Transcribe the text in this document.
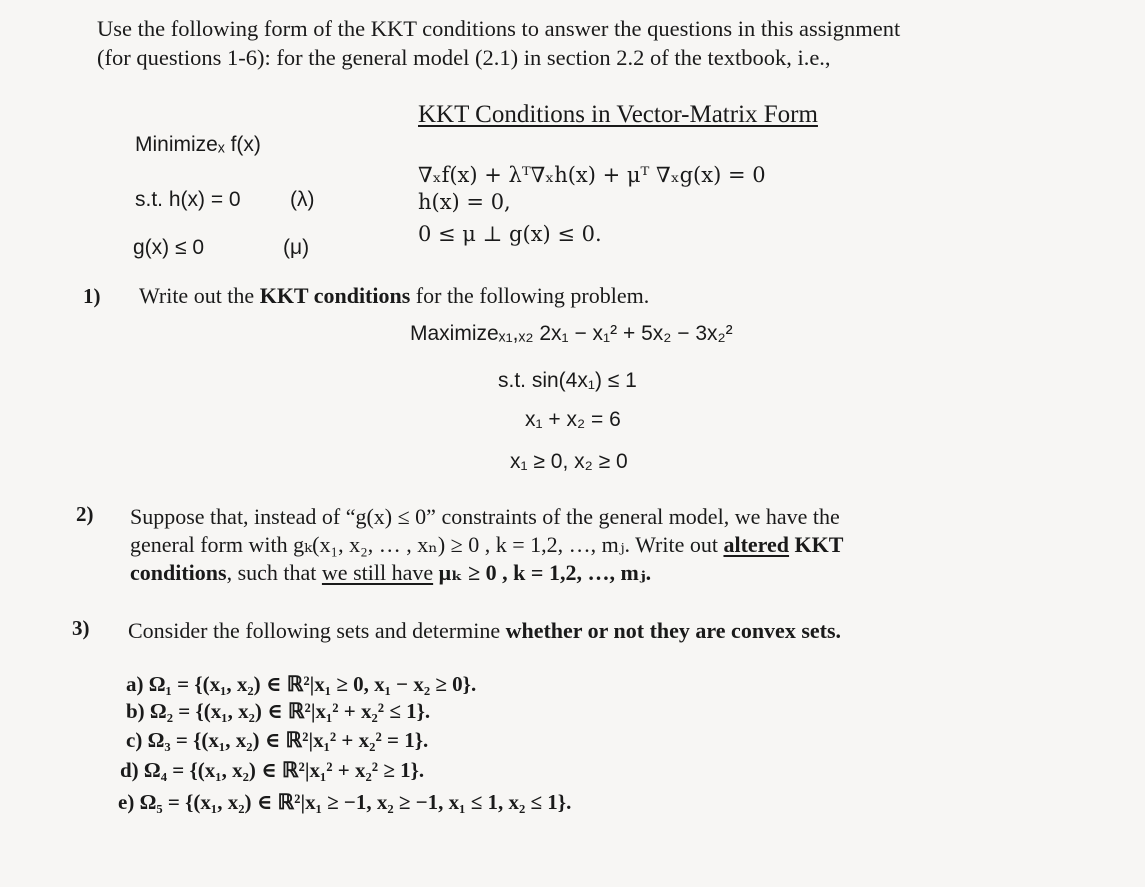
Use the following form of the KKT conditions to answer the questions in this assignment
(for questions 1-6): for the general model (2.1) in section 2.2 of the textbook, i.e.,
KKT Conditions in Vector-Matrix Form
Minimizeₓ f(x)
s.t. h(x) = 0 (λ)
g(x) ≤ 0	(μ)
∇ₓf(x) + λᵀ∇ₓh(x) + μᵀ ∇ₓg(x) = 0
h(x) = 0,
0 ≤ μ ⊥ g(x) ≤ 0.
1) Write out the KKT conditions for the following problem.
Maximizeₓ₁,ₓ₂ 2x₁ − x₁² + 5x₂ − 3x₂²
s.t. sin(4x₁) ≤ 1
x₁ + x₂ = 6
x₁ ≥ 0, x₂ ≥ 0
2) Suppose that, instead of “g(x) ≤ 0” constraints of the general model, we have the
general form with gₖ(x₁, x₂, … , xₙ) ≥ 0 , k = 1,2, …, mⱼ. Write out altered KKT
conditions, such that we still have μₖ ≥ 0 , k = 1,2, …, mⱼ.
3) Consider the following sets and determine whether or not they are convex sets.
a) Ω₁ = {(x₁, x₂) ∈ ℝ²|x₁ ≥ 0, x₁ − x₂ ≥ 0}.
b) Ω₂ = {(x₁, x₂) ∈ ℝ²|x₁² + x₂² ≤ 1}.
c) Ω₃ = {(x₁, x₂) ∈ ℝ²|x₁² + x₂² = 1}.
d) Ω₄ = {(x₁, x₂) ∈ ℝ²|x₁² + x₂² ≥ 1}.
e) Ω₅ = {(x₁, x₂) ∈ ℝ²|x₁ ≥ −1, x₂ ≥ −1, x₁ ≤ 1, x₂ ≤ 1}.
